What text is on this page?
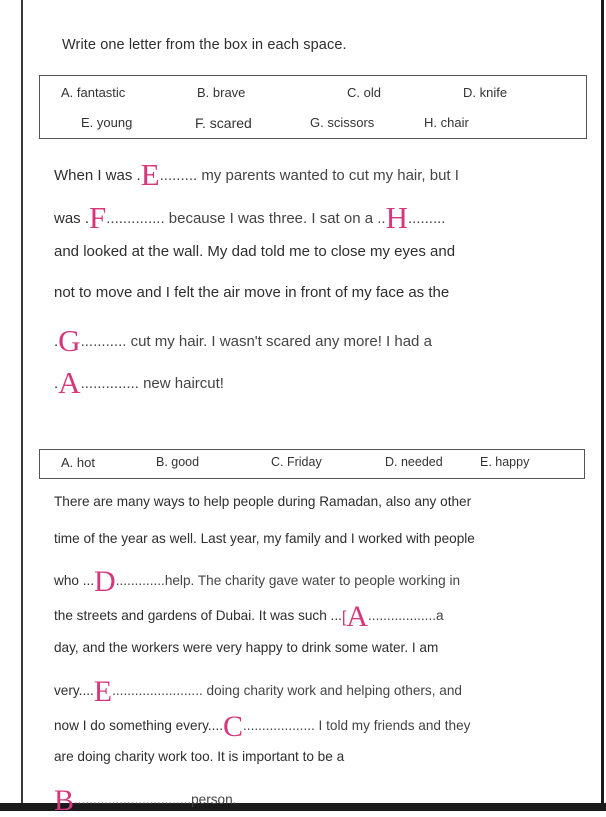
Write one letter from the box in each space.
A. fantastic	B. brave	C. old	D. knife
E. young	F. scared	G. scissors	H. chair
When I was .E......... my parents wanted to cut my hair, but I
was .F.............. because I was three. I sat on a ..H.........
and looked at the wall. My dad told me to close my eyes and
not to move and I felt the air move in front of my face as the
.G........... cut my hair. I wasn't scared any more! I had a
.A.............. new haircut!
A. hot	B. good	C. Friday	D. needed	E. happy
There are many ways to help people during Ramadan, also any other
time of the year as well. Last year, my family and I worked with people
who ...D.............help. The charity gave water to people working in
the streets and gardens of Dubai. It was such ...[A..................a
day, and the workers were very happy to drink some water. I am
very....E........................ doing charity work and helping others, and
now I do something every....C................... I told my friends and they
are doing charity work too. It is important to be a
B...............................person.
